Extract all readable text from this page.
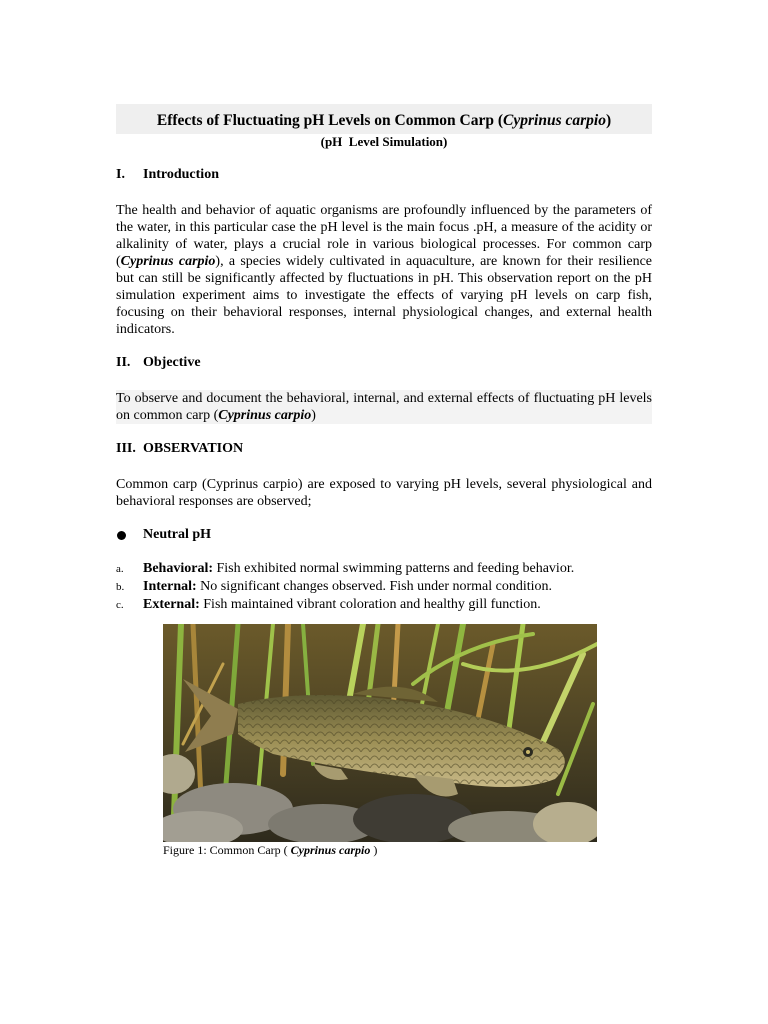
Effects of Fluctuating pH Levels on Common Carp (Cyprinus carpio)
(pH  Level Simulation)
I.	Introduction

The health and behavior of aquatic organisms are profoundly influenced by the parameters of the water, in this particular case the pH level is the main focus .pH, a measure of the acidity or alkalinity of water, plays a crucial role in various biological processes. For common carp (Cyprinus carpio), a species widely cultivated in aquaculture, are known for their resilience but can still be significantly affected by fluctuations in pH. This observation report on the pH simulation experiment aims to investigate the effects of varying pH levels on carp fish, focusing on their behavioral responses, internal physiological changes, and external health indicators.

II. Objective

To observe and document the behavioral, internal, and external effects of fluctuating pH levels on common carp (Cyprinus carpio)

III. OBSERVATION

Common carp (Cyprinus carpio) are exposed to varying pH levels, several physiological and behavioral responses are observed;

Neutral pH
a.	Behavioral: Fish exhibited normal swimming patterns and feeding behavior.
b.	Internal: No significant changes observed. Fish under normal condition.
c.	External: Fish maintained vibrant coloration and healthy gill function.
Figure 1: Common Carp ( Cyprinus carpio )
